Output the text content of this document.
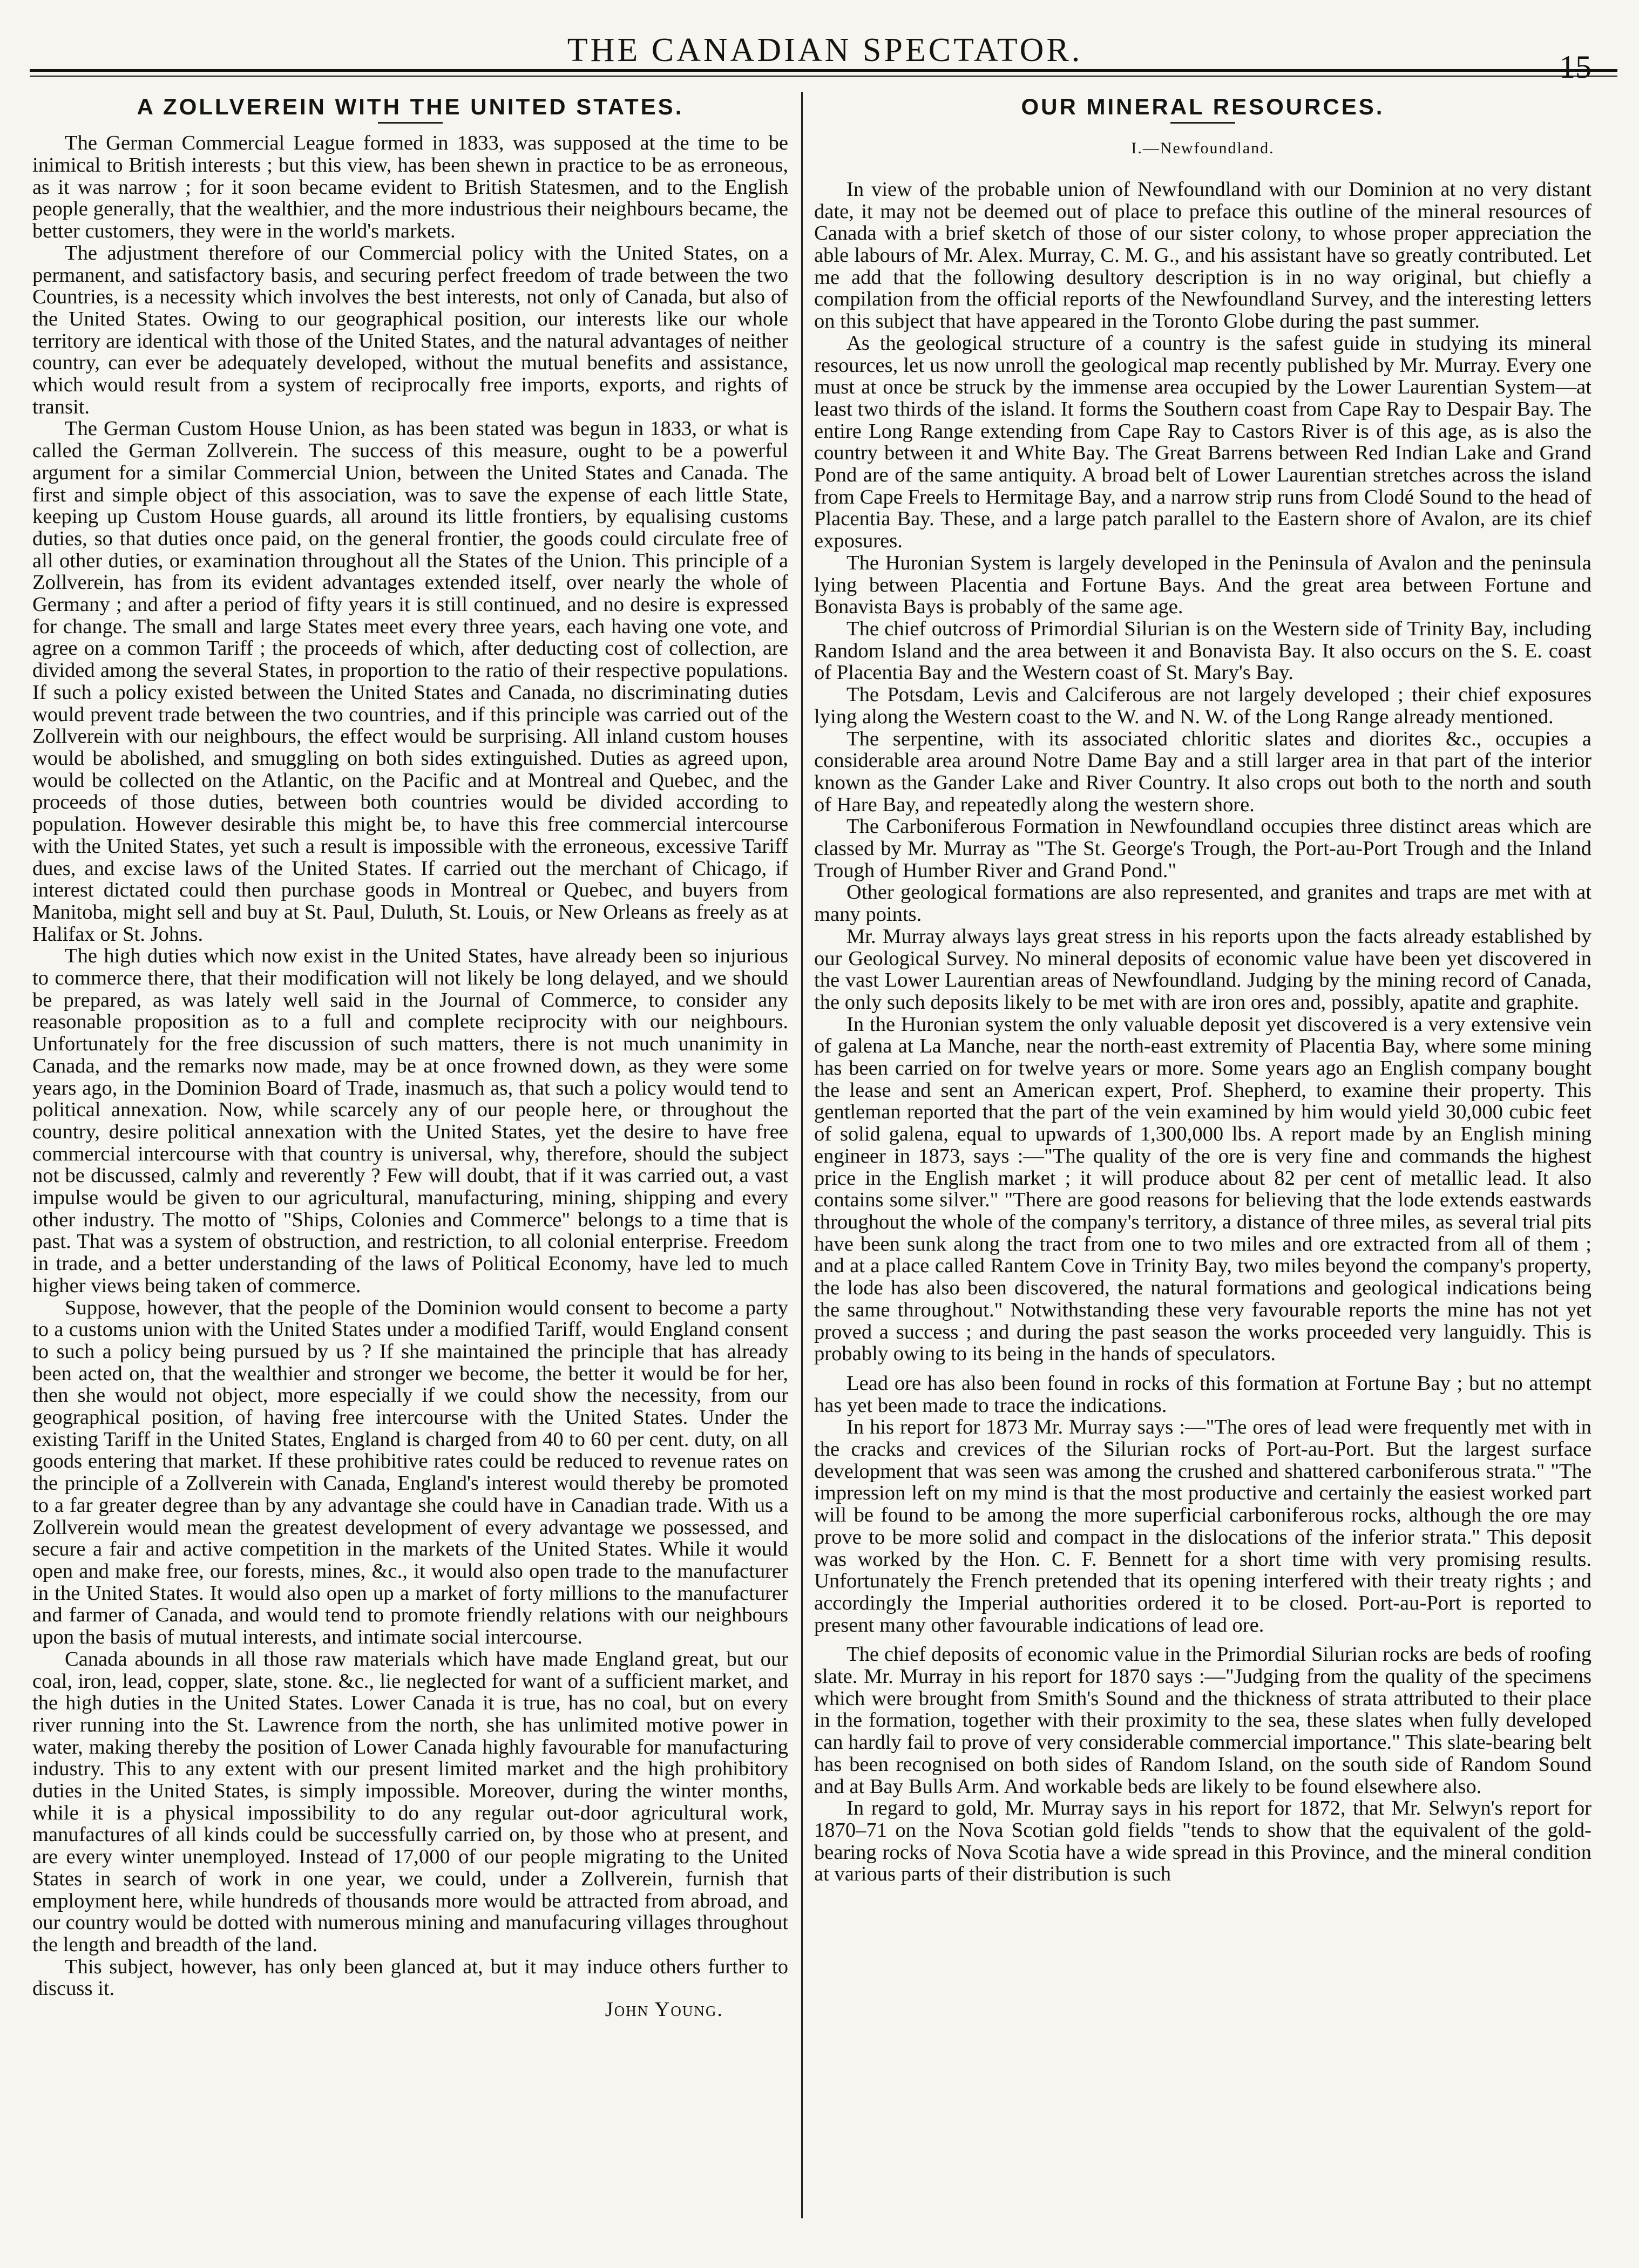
THE CANADIAN SPECTATOR.	15
A ZOLLVEREIN WITH THE UNITED STATES.

The German Commercial League formed in 1833, was supposed at the time to be inimical to British interests ; but this view, has been shewn in practice to be as erroneous, as it was narrow ; for it soon became evident to British Statesmen, and to the English people generally, that the wealthier, and the more industrious their neighbours became, the better customers, they were in the world's markets.

The adjustment therefore of our Commercial policy with the United States, on a permanent, and satisfactory basis, and securing perfect freedom of trade between the two Countries, is a necessity which involves the best interests, not only of Canada, but also of the United States. Owing to our geographical position, our interests like our whole territory are identical with those of the United States, and the natural advantages of neither country, can ever be adequately developed, without the mutual benefits and assistance, which would result from a system of reciprocally free imports, exports, and rights of transit.

The German Custom House Union, as has been stated was begun in 1833, or what is called the German Zollverein. The success of this measure, ought to be a powerful argument for a similar Commercial Union, between the United States and Canada. The first and simple object of this association, was to save the expense of each little State, keeping up Custom House guards, all around its little frontiers, by equalising customs duties, so that duties once paid, on the general frontier, the goods could circulate free of all other duties, or examination throughout all the States of the Union. This principle of a Zollverein, has from its evident advantages extended itself, over nearly the whole of Germany ; and after a period of fifty years it is still continued, and no desire is expressed for change. The small and large States meet every three years, each having one vote, and agree on a common Tariff ; the proceeds of which, after deducting cost of collection, are divided among the several States, in proportion to the ratio of their respective populations. If such a policy existed between the United States and Canada, no discriminating duties would prevent trade between the two countries, and if this principle was carried out of the Zollverein with our neighbours, the effect would be surprising. All inland custom houses would be abolished, and smuggling on both sides extinguished. Duties as agreed upon, would be collected on the Atlantic, on the Pacific and at Montreal and Quebec, and the proceeds of those duties, between both countries would be divided according to population. However desirable this might be, to have this free commercial intercourse with the United States, yet such a result is impossible with the erroneous, excessive Tariff dues, and excise laws of the United States. If carried out the merchant of Chicago, if interest dictated could then purchase goods in Montreal or Quebec, and buyers from Manitoba, might sell and buy at St. Paul, Duluth, St. Louis, or New Orleans as freely as at Halifax or St. Johns.

The high duties which now exist in the United States, have already been so injurious to commerce there, that their modification will not likely be long delayed, and we should be prepared, as was lately well said in the Journal of Commerce, to consider any reasonable proposition as to a full and complete reciprocity with our neighbours. Unfortunately for the free discussion of such matters, there is not much unanimity in Canada, and the remarks now made, may be at once frowned down, as they were some years ago, in the Dominion Board of Trade, inasmuch as, that such a policy would tend to political annexation. Now, while scarcely any of our people here, or throughout the country, desire political annexation with the United States, yet the desire to have free commercial intercourse with that country is universal, why, therefore, should the subject not be discussed, calmly and reverently ? Few will doubt, that if it was carried out, a vast impulse would be given to our agricultural, manufacturing, mining, shipping and every other industry. The motto of "Ships, Colonies and Commerce" belongs to a time that is past. That was a system of obstruction, and restriction, to all colonial enterprise. Freedom in trade, and a better understanding of the laws of Political Economy, have led to much higher views being taken of commerce.

Suppose, however, that the people of the Dominion would consent to become a party to a customs union with the United States under a modified Tariff, would England consent to such a policy being pursued by us ? If she maintained the principle that has already been acted on, that the wealthier and stronger we become, the better it would be for her, then she would not object, more especially if we could show the necessity, from our geographical position, of having free intercourse with the United States. Under the existing Tariff in the United States, England is charged from 40 to 60 per cent. duty, on all goods entering that market. If these prohibitive rates could be reduced to revenue rates on the principle of a Zollverein with Canada, England's interest would thereby be promoted to a far greater degree than by any advantage she could have in Canadian trade. With us a Zollverein would mean the greatest development of every advantage we possessed, and secure a fair and active competition in the markets of the United States. While it would open and make free, our forests, mines, &c., it would also open trade to the manufacturer in the United States. It would also open up a market of forty millions to the manufacturer and farmer of Canada, and would tend to promote friendly relations with our neighbours upon the basis of mutual interests, and intimate social intercourse.

Canada abounds in all those raw materials which have made England great, but our coal, iron, lead, copper, slate, stone. &c., lie neglected for want of a sufficient market, and the high duties in the United States. Lower Canada it is true, has no coal, but on every river running into the St. Lawrence from the north, she has unlimited motive power in water, making thereby the position of Lower Canada highly favourable for manufacturing industry. This to any extent with our present limited market and the high prohibitory duties in the United States, is simply impossible. Moreover, during the winter months, while it is a physical impossibility to do any regular out-door agricultural work, manufactures of all kinds could be successfully carried on, by those who at present, and are every winter unemployed. Instead of 17,000 of our people migrating to the United States in search of work in one year, we could, under a Zollverein, furnish that employment here, while hundreds of thousands more would be attracted from abroad, and our country would be dotted with numerous mining and manufacuring villages throughout the length and breadth of the land.

This subject, however, has only been glanced at, but it may induce others further to discuss it.

John Young.
OUR MINERAL RESOURCES.
I.—Newfoundland.

In view of the probable union of Newfoundland with our Dominion at no very distant date, it may not be deemed out of place to preface this outline of the mineral resources of Canada with a brief sketch of those of our sister colony, to whose proper appreciation the able labours of Mr. Alex. Murray, C. M. G., and his assistant have so greatly contributed. Let me add that the following desultory description is in no way original, but chiefly a compilation from the official reports of the Newfoundland Survey, and the interesting letters on this subject that have appeared in the Toronto Globe during the past summer.

As the geological structure of a country is the safest guide in studying its mineral resources, let us now unroll the geological map recently published by Mr. Murray. Every one must at once be struck by the immense area occupied by the Lower Laurentian System—at least two thirds of the island. It forms the Southern coast from Cape Ray to Despair Bay. The entire Long Range extending from Cape Ray to Castors River is of this age, as is also the country between it and White Bay. The Great Barrens between Red Indian Lake and Grand Pond are of the same antiquity. A broad belt of Lower Laurentian stretches across the island from Cape Freels to Hermitage Bay, and a narrow strip runs from Clodé Sound to the head of Placentia Bay. These, and a large patch parallel to the Eastern shore of Avalon, are its chief exposures.

The Huronian System is largely developed in the Peninsula of Avalon and the peninsula lying between Placentia and Fortune Bays. And the great area between Fortune and Bonavista Bays is probably of the same age.

The chief outcross of Primordial Silurian is on the Western side of Trinity Bay, including Random Island and the area between it and Bonavista Bay. It also occurs on the S. E. coast of Placentia Bay and the Western coast of St. Mary's Bay.

The Potsdam, Levis and Calciferous are not largely developed ; their chief exposures lying along the Western coast to the W. and N. W. of the Long Range already mentioned.

The serpentine, with its associated chloritic slates and diorites &c., occupies a considerable area around Notre Dame Bay and a still larger area in that part of the interior known as the Gander Lake and River Country. It also crops out both to the north and south of Hare Bay, and repeatedly along the western shore.

The Carboniferous Formation in Newfoundland occupies three distinct areas which are classed by Mr. Murray as "The St. George's Trough, the Port-au-Port Trough and the Inland Trough of Humber River and Grand Pond."

Other geological formations are also represented, and granites and traps are met with at many points.

Mr. Murray always lays great stress in his reports upon the facts already established by our Geological Survey. No mineral deposits of economic value have been yet discovered in the vast Lower Laurentian areas of Newfoundland. Judging by the mining record of Canada, the only such deposits likely to be met with are iron ores and, possibly, apatite and graphite.

In the Huronian system the only valuable deposit yet discovered is a very extensive vein of galena at La Manche, near the north-east extremity of Placentia Bay, where some mining has been carried on for twelve years or more. Some years ago an English company bought the lease and sent an American expert, Prof. Shepherd, to examine their property. This gentleman reported that the part of the vein examined by him would yield 30,000 cubic feet of solid galena, equal to upwards of 1,300,000 lbs. A report made by an English mining engineer in 1873, says :—"The quality of the ore is very fine and commands the highest price in the English market ; it will produce about 82 per cent of metallic lead. It also contains some silver." "There are good reasons for believing that the lode extends eastwards throughout the whole of the company's territory, a distance of three miles, as several trial pits have been sunk along the tract from one to two miles and ore extracted from all of them ; and at a place called Rantem Cove in Trinity Bay, two miles beyond the company's property, the lode has also been discovered, the natural formations and geological indications being the same throughout." Notwithstanding these very favourable reports the mine has not yet proved a success ; and during the past season the works proceeded very languidly. This is probably owing to its being in the hands of speculators.

Lead ore has also been found in rocks of this formation at Fortune Bay ; but no attempt has yet been made to trace the indications.

In his report for 1873 Mr. Murray says :—"The ores of lead were frequently met with in the cracks and crevices of the Silurian rocks of Port-au-Port. But the largest surface development that was seen was among the crushed and shattered carboniferous strata." "The impression left on my mind is that the most productive and certainly the easiest worked part will be found to be among the more superficial carboniferous rocks, although the ore may prove to be more solid and compact in the dislocations of the inferior strata." This deposit was worked by the Hon. C. F. Bennett for a short time with very promising results. Unfortunately the French pretended that its opening interfered with their treaty rights ; and accordingly the Imperial authorities ordered it to be closed. Port-au-Port is reported to present many other favourable indications of lead ore.

The chief deposits of economic value in the Primordial Silurian rocks are beds of roofing slate. Mr. Murray in his report for 1870 says :—"Judging from the quality of the specimens which were brought from Smith's Sound and the thickness of strata attributed to their place in the formation, together with their proximity to the sea, these slates when fully developed can hardly fail to prove of very considerable commercial importance." This slate-bearing belt has been recognised on both sides of Random Island, on the south side of Random Sound and at Bay Bulls Arm. And workable beds are likely to be found elsewhere also.

In regard to gold, Mr. Murray says in his report for 1872, that Mr. Selwyn's report for 1870–71 on the Nova Scotian gold fields "tends to show that the equivalent of the gold-bearing rocks of Nova Scotia have a wide spread in this Province, and the mineral condition at various parts of their distribution is such
